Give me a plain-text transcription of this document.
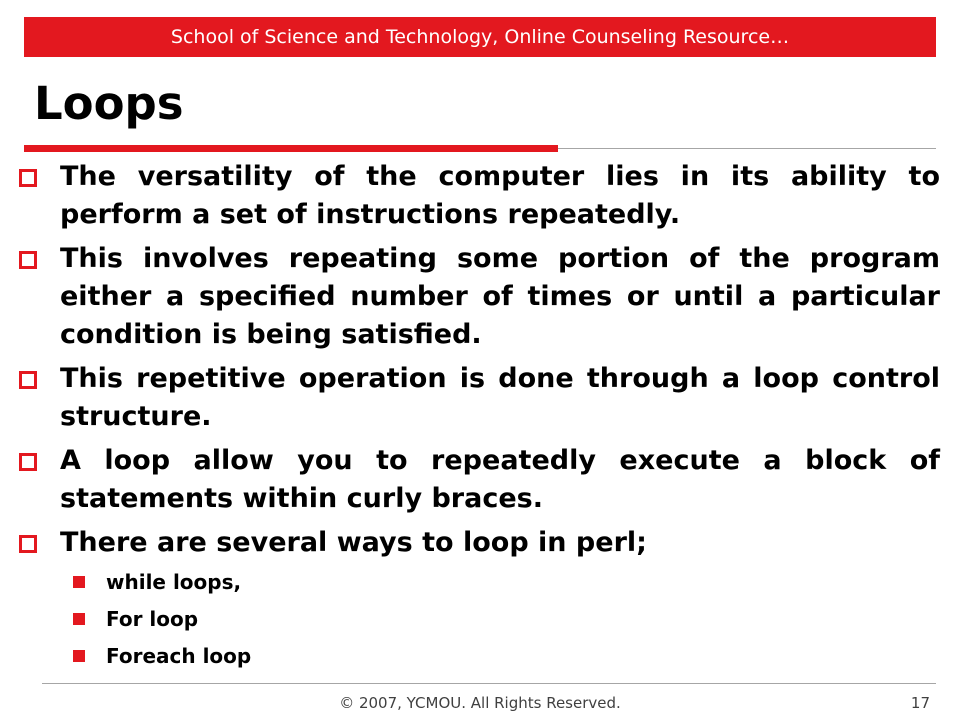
School of Science and Technology, Online Counseling Resource…
Loops
The versatility of the computer lies in its ability to perform a set of instructions repeatedly.
This involves repeating some portion of the program either a specified number of times or until a particular condition is being satisfied.
This repetitive operation is done through a loop control structure.
A loop allow you to repeatedly execute a block of statements within curly braces.
There are several ways to loop in perl;
while loops,
For loop
Foreach loop
© 2007, YCMOU. All Rights Reserved.	17
